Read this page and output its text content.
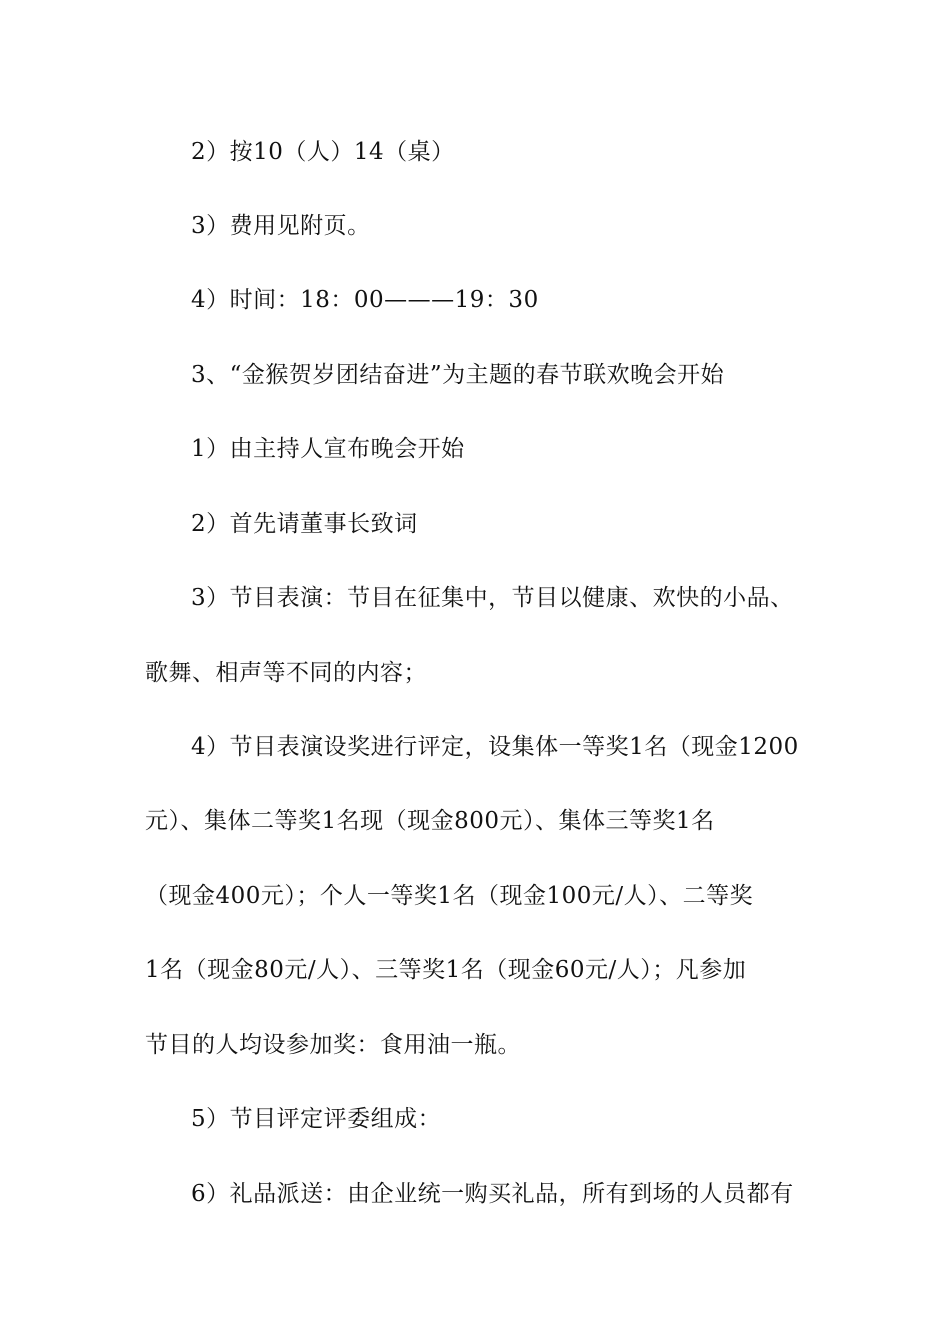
2）按10（人）14（桌）
3）费用见附页。
4）时间：18：00———19：30
3、“金猴贺岁团结奋进”为主题的春节联欢晚会开始
1）由主持人宣布晚会开始
2）首先请董事长致词
3）节目表演：节目在征集中，节目以健康、欢快的小品、
歌舞、相声等不同的内容；
4）节目表演设奖进行评定，设集体一等奖1名（现金1200
元）、集体二等奖1名现（现金800元）、集体三等奖1名
（现金400元）；个人一等奖1名（现金100元/人）、二等奖
1名（现金80元/人）、三等奖1名（现金60元/人）；凡参加
节目的人均设参加奖：食用油一瓶。
5）节目评定评委组成：
6）礼品派送：由企业统一购买礼品，所有到场的人员都有
